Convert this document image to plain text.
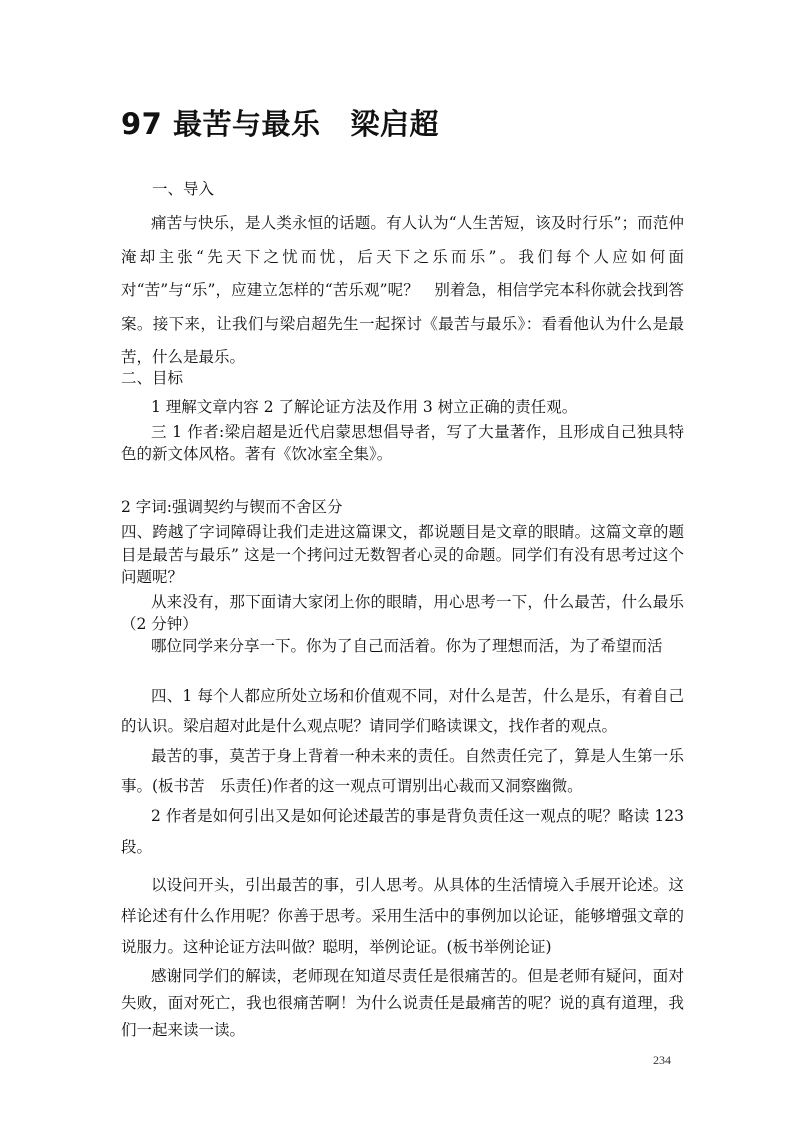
97 最苦与最乐 梁启超

一、导入

痛苦与快乐，是人类永恒的话题。有人认为“人生苦短，该及时行乐”；而范仲淹却主张“先天下之忧而忧，后天下之乐而乐”。我们每个人应如何面对“苦”与“乐”，应建立怎样的“苦乐观”呢？　别着急，相信学完本科你就会找到答案。接下来，让我们与梁启超先生一起探讨《最苦与最乐》：看看他认为什么是最苦，什么是最乐。

二、目标

1 理解文章内容 2 了解论证方法及作用 3 树立正确的责任观。

三 1 作者:梁启超是近代启蒙思想倡导者，写了大量著作，且形成自己独具特色的新文体风格。著有《饮冰室全集》。

2 字词:强调契约与锲而不舍区分

四、跨越了字词障碍让我们走进这篇课文，都说题目是文章的眼睛。这篇文章的题目是最苦与最乐” 这是一个拷问过无数智者心灵的命题。同学们有没有思考过这个问题呢？

从来没有，那下面请大家闭上你的眼睛，用心思考一下，什么最苦，什么最乐（2 分钟）

哪位同学来分享一下。你为了自己而活着。你为了理想而活，为了希望而活

四、1 每个人都应所处立场和价值观不同，对什么是苦，什么是乐，有着自己的认识。梁启超对此是什么观点呢？请同学们略读课文，找作者的观点。

最苦的事，莫苦于身上背着一种未来的责任。自然责任完了，算是人生第一乐事。(板书苦　乐责任)作者的这一观点可谓别出心裁而又洞察幽微。

2 作者是如何引出又是如何论述最苦的事是背负责任这一观点的呢？略读 123 段。

以设问开头，引出最苦的事，引人思考。从具体的生活情境入手展开论述。这样论述有什么作用呢？你善于思考。采用生活中的事例加以论证，能够增强文章的说服力。这种论证方法叫做？聪明，举例论证。(板书举例论证)

感谢同学们的解读，老师现在知道尽责任是很痛苦的。但是老师有疑问，面对失败，面对死亡，我也很痛苦啊！为什么说责任是最痛苦的呢？说的真有道理，我们一起来读一读。

234
